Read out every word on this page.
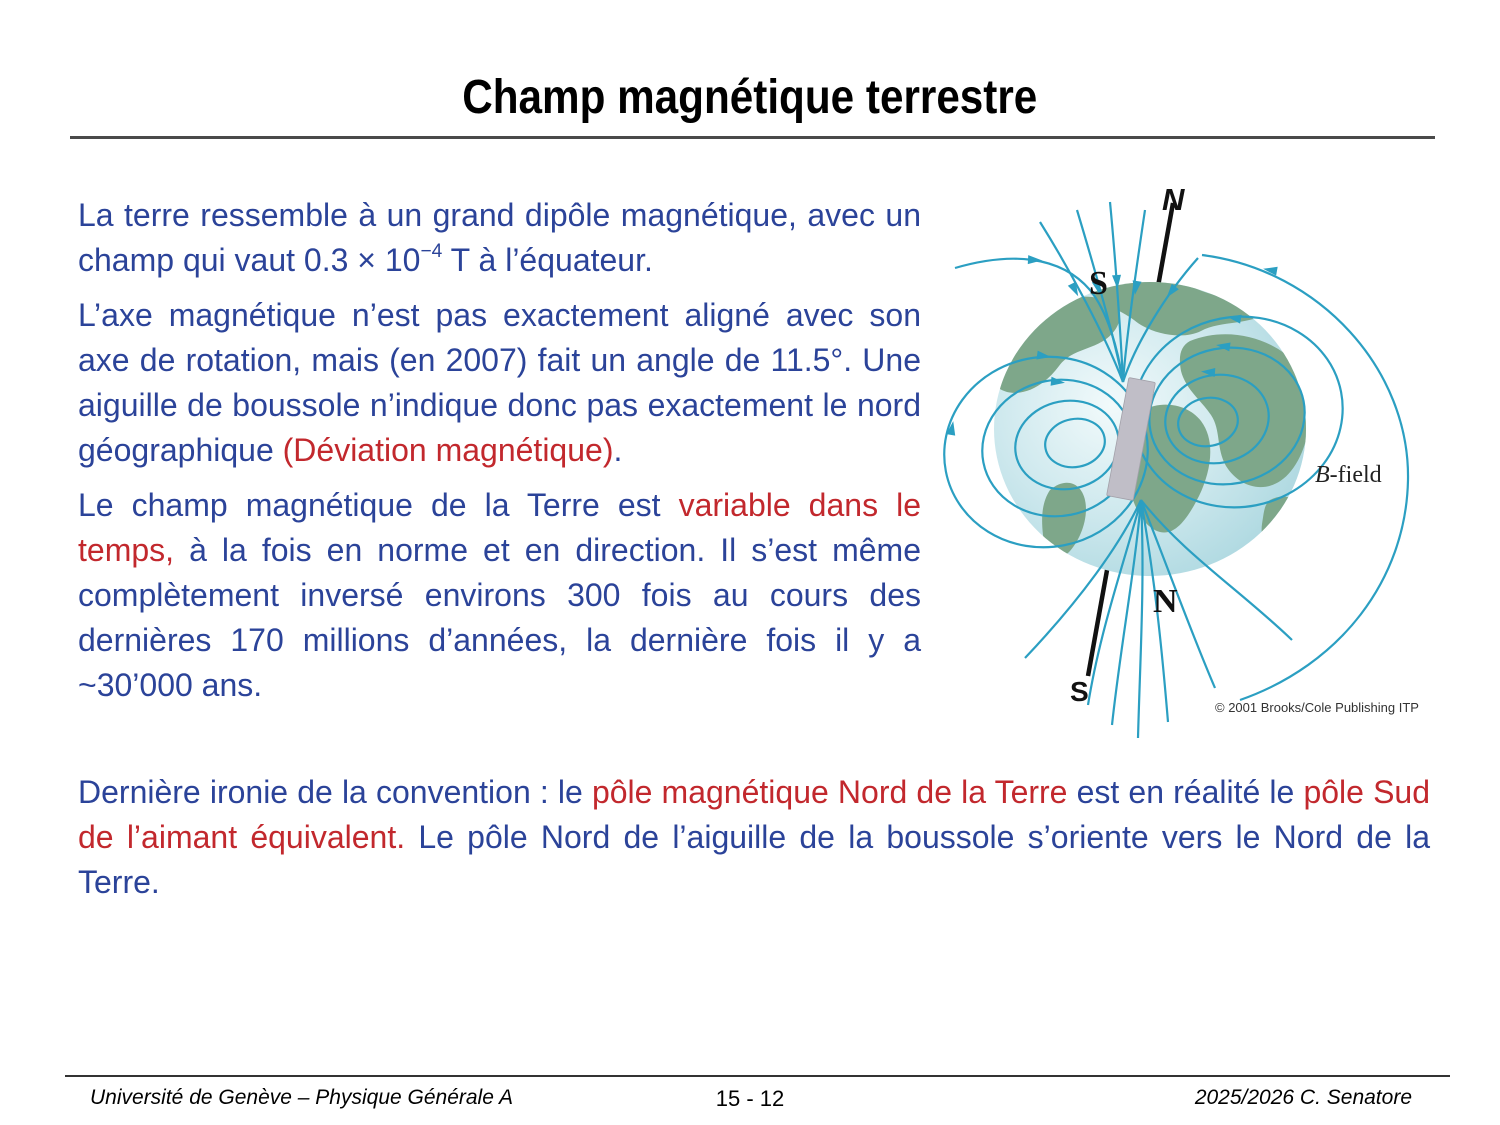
Champ magnétique terrestre

La terre ressemble à un grand dipôle magnétique, avec un champ qui vaut $0.3 \times 10^{-4}$ T à l’équateur.

L’axe magnétique n’est pas exactement aligné avec son axe de rotation, mais (en 2007) fait un angle de 11.5°. Une aiguille de boussole n’indique donc pas exactement le nord géographique (Déviation magnétique).

Le champ magnétique de la Terre est variable dans le temps, à la fois en norme et en direction. Il s’est même complètement inversé environs 300 fois au cours des dernières 170 millions d’années, la dernière fois il y a ~30’000 ans.

Dernière ironie de la convention : le pôle magnétique Nord de la Terre est en réalité le pôle Sud de l’aimant équivalent. Le pôle Nord de l’aiguille de la boussole s’oriente vers le Nord de la Terre.
N
S
N
S
B-field
© 2001 Brooks/Cole Publishing ITP
Université de Genève – Physique Générale A	15 - 12	2025/2026 C. Senatore
